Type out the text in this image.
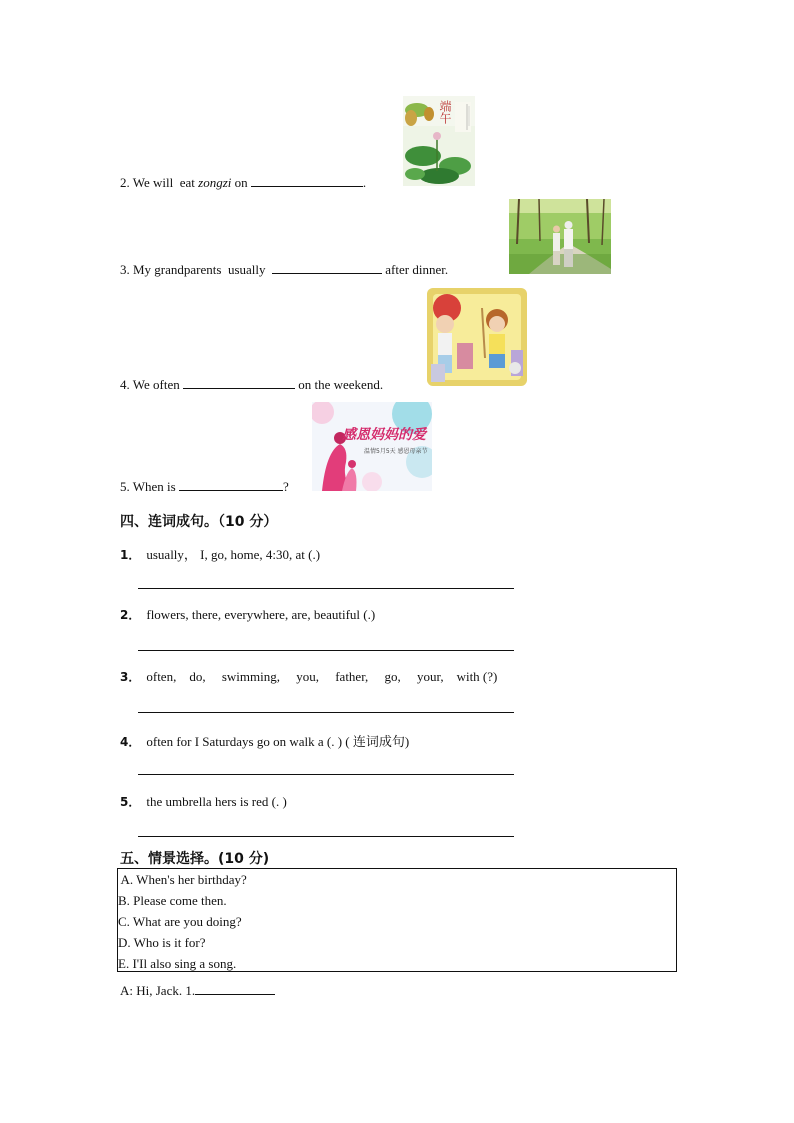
端午
感恩妈妈的爱
温情5月5天 感恩母亲节
2. We will  eat zongzi on	.
3. My grandparents  usually	after dinner.
4. We often	on the weekend.
5. When is	?
四、连词成句。（10 分）
1． usually， I, go, home, 4:30, at (.)
2． flowers, there, everywhere, are, beautiful (.)
3． often,    do,     swimming,     you,     father,     go,     your,    with (?)
4． often for I Saturdays go on walk a (. ) ( 连词成句)
5． the umbrella hers is red (. )
五、情景选择。(10 分)
A. When's her birthday?
B. Please come then.
C. What are you doing?
D. Who is it for?
E. I'Il also sing a song.
A: Hi, Jack. 1.
